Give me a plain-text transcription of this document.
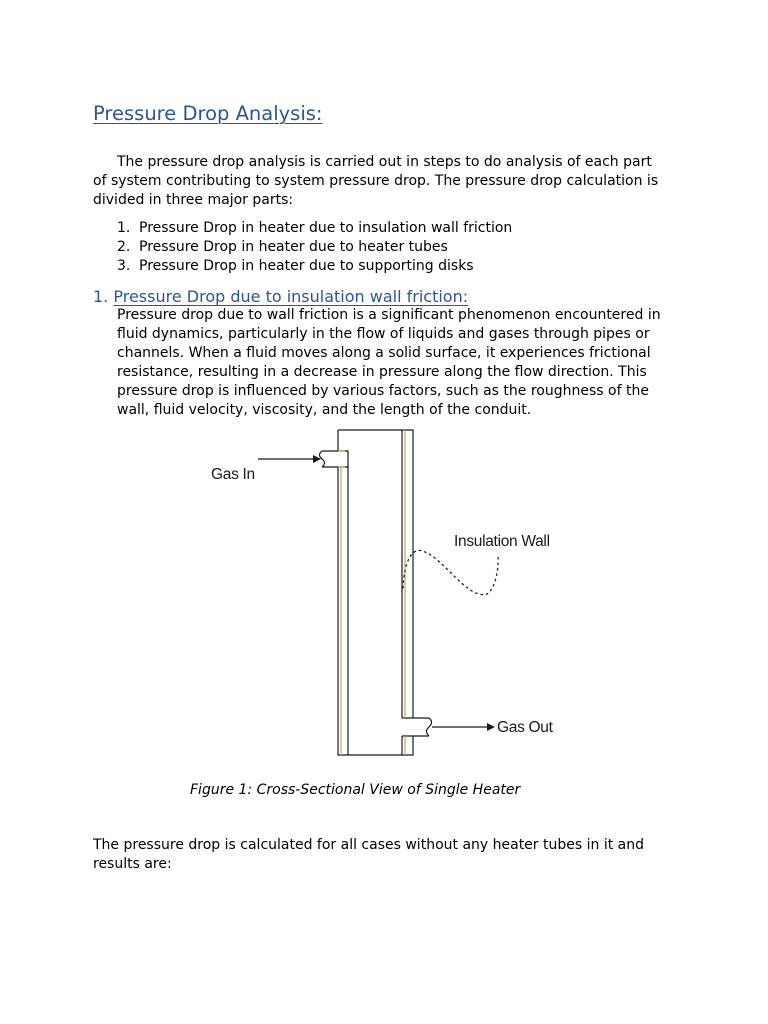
Pressure Drop Analysis:
The pressure drop analysis is carried out in steps to do analysis of each part
of system contributing to system pressure drop. The pressure drop calculation is
divided in three major parts:
1. Pressure Drop in heater due to insulation wall friction
2. Pressure Drop in heater due to heater tubes
3. Pressure Drop in heater due to supporting disks
1. Pressure Drop due to insulation wall friction:
Pressure drop due to wall friction is a significant phenomenon encountered in
fluid dynamics, particularly in the flow of liquids and gases through pipes or
channels. When a fluid moves along a solid surface, it experiences frictional
resistance, resulting in a decrease in pressure along the flow direction. This
pressure drop is influenced by various factors, such as the roughness of the
wall, fluid velocity, viscosity, and the length of the conduit.
Gas In
Insulation Wall
Gas Out
Figure 1: Cross-Sectional View of Single Heater
The pressure drop is calculated for all cases without any heater tubes in it and
results are:
